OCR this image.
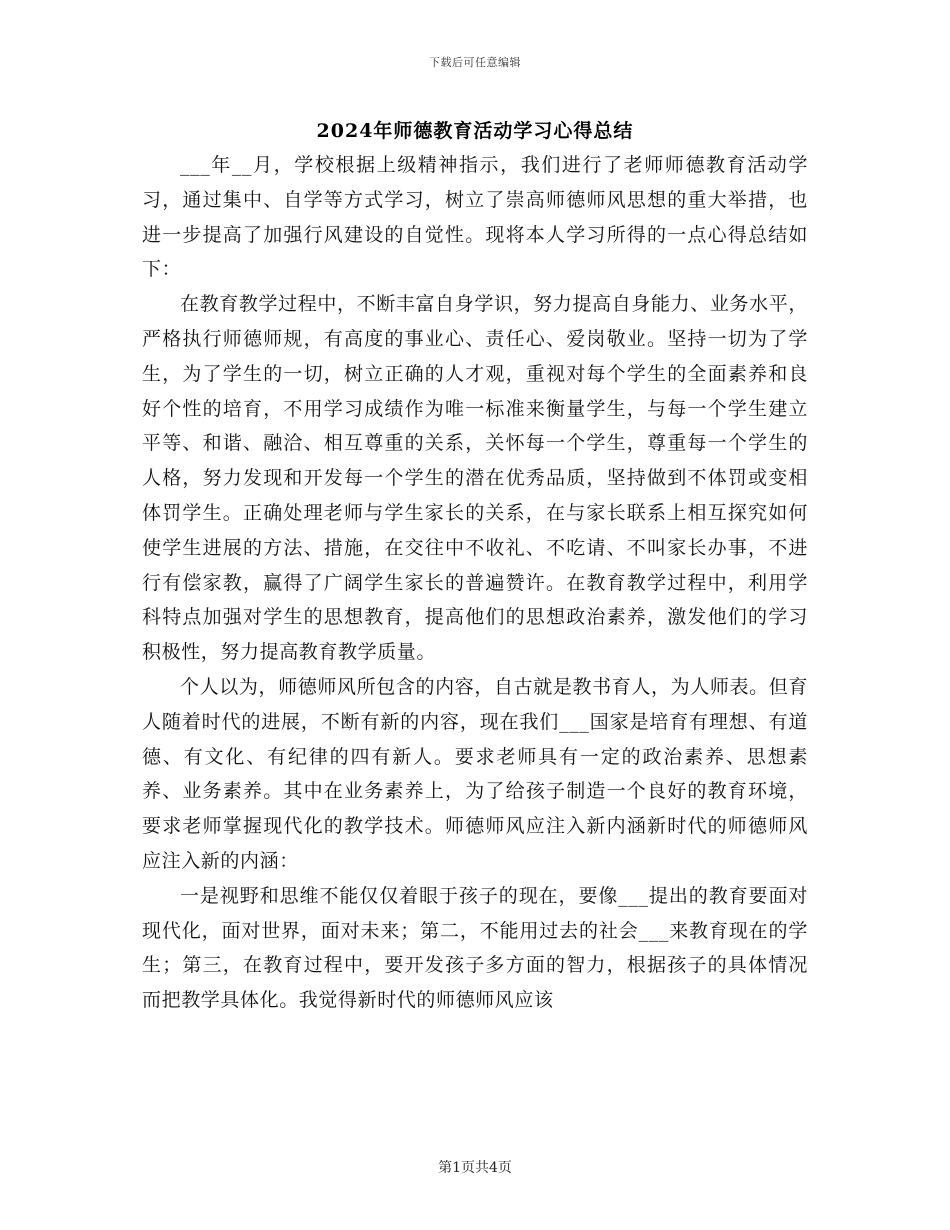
下载后可任意编辑
2024年师德教育活动学习心得总结

___年__月，学校根据上级精神指示，我们进行了老师师德教育活动学习，通过集中、自学等方式学习，树立了崇高师德师风思想的重大举措，也进一步提高了加强行风建设的自觉性。现将本人学习所得的一点心得总结如下：

在教育教学过程中，不断丰富自身学识，努力提高自身能力、业务水平，严格执行师德师规，有高度的事业心、责任心、爱岗敬业。坚持一切为了学生，为了学生的一切，树立正确的人才观，重视对每个学生的全面素养和良好个性的培育，不用学习成绩作为唯一标准来衡量学生，与每一个学生建立平等、和谐、融洽、相互尊重的关系，关怀每一个学生，尊重每一个学生的人格，努力发现和开发每一个学生的潜在优秀品质，坚持做到不体罚或变相体罚学生。正确处理老师与学生家长的关系，在与家长联系上相互探究如何使学生进展的方法、措施，在交往中不收礼、不吃请、不叫家长办事，不进行有偿家教，赢得了广阔学生家长的普遍赞许。在教育教学过程中，利用学科特点加强对学生的思想教育，提高他们的思想政治素养，激发他们的学习积极性，努力提高教育教学质量。

个人以为，师德师风所包含的内容，自古就是教书育人，为人师表。但育人随着时代的进展，不断有新的内容，现在我们___国家是培育有理想、有道德、有文化、有纪律的四有新人。要求老师具有一定的政治素养、思想素养、业务素养。其中在业务素养上，为了给孩子制造一个良好的教育环境，要求老师掌握现代化的教学技术。师德师风应注入新内涵新时代的师德师风应注入新的内涵：

一是视野和思维不能仅仅着眼于孩子的现在，要像___提出的教育要面对现代化，面对世界，面对未来；第二，不能用过去的社会___来教育现在的学生；第三，在教育过程中，要开发孩子多方面的智力，根据孩子的具体情况而把教学具体化。我觉得新时代的师德师风应该

第1页共4页
